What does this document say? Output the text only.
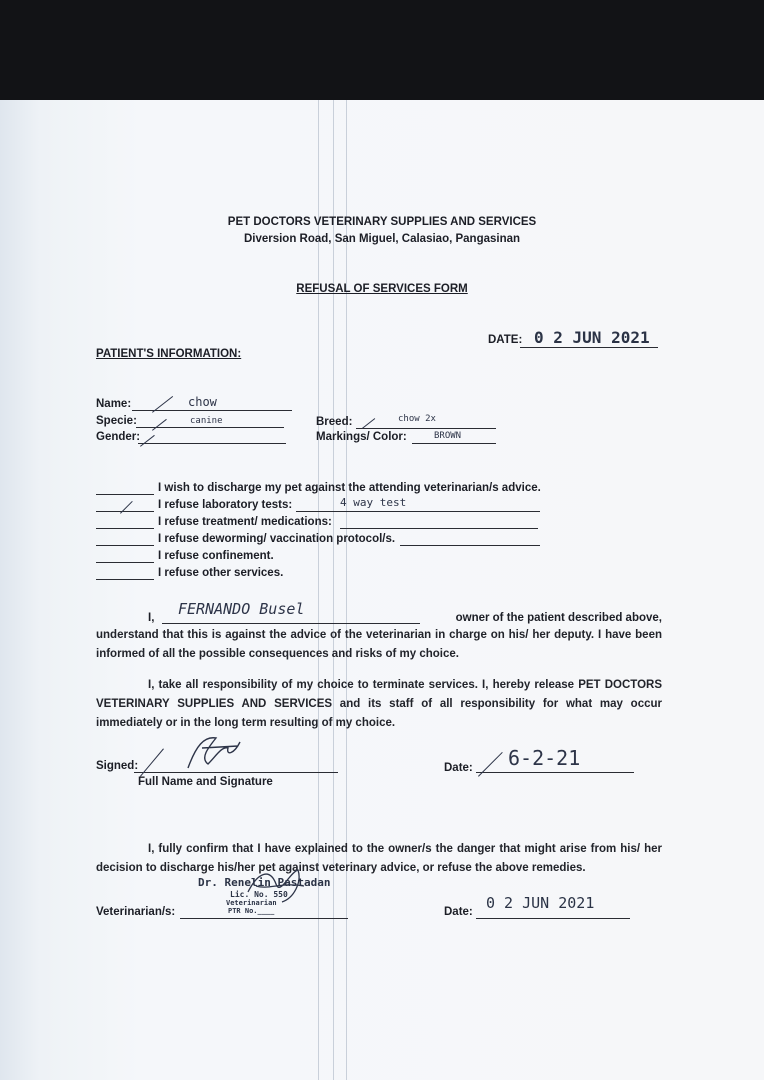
PET DOCTORS VETERINARY SUPPLIES AND SERVICES
Diversion Road, San Miguel, Calasiao, Pangasinan
REFUSAL OF SERVICES FORM
DATE: 0 2 JUN 2021
PATIENT'S INFORMATION:
Name:	chow
Specie:	canine
Gender:
Breed:	chow 2x
Markings/ Color:	BROWN
I wish to discharge my pet against the attending veterinarian/s advice.
I refuse laboratory tests:	4 way test
I refuse treatment/ medications:
I refuse deworming/ vaccination protocol/s.
I refuse confinement.
I refuse other services.
I, FERNANDO Busel	owner of the patient described above,
understand that this is against the advice of the veterinarian in charge on his/ her deputy. I have been informed of all the possible consequences and risks of my choice.
I, take all responsibility of my choice to terminate services. I, hereby release PET DOCTORS VETERINARY SUPPLIES AND SERVICES and its staff of all responsibility for what may occur immediately or in the long term resulting of my choice.
Signed:
Full Name and Signature
Date: 6-2-21
I, fully confirm that I have explained to the owner/s the danger that might arise from his/ her decision to discharge his/her pet against veterinary advice, or refuse the above remedies.
Dr. Renelin Pastadan
Lic. No. 550
Veterinarian
PTR No.____
Veterinarian/s:	Date: 0 2 JUN 2021
